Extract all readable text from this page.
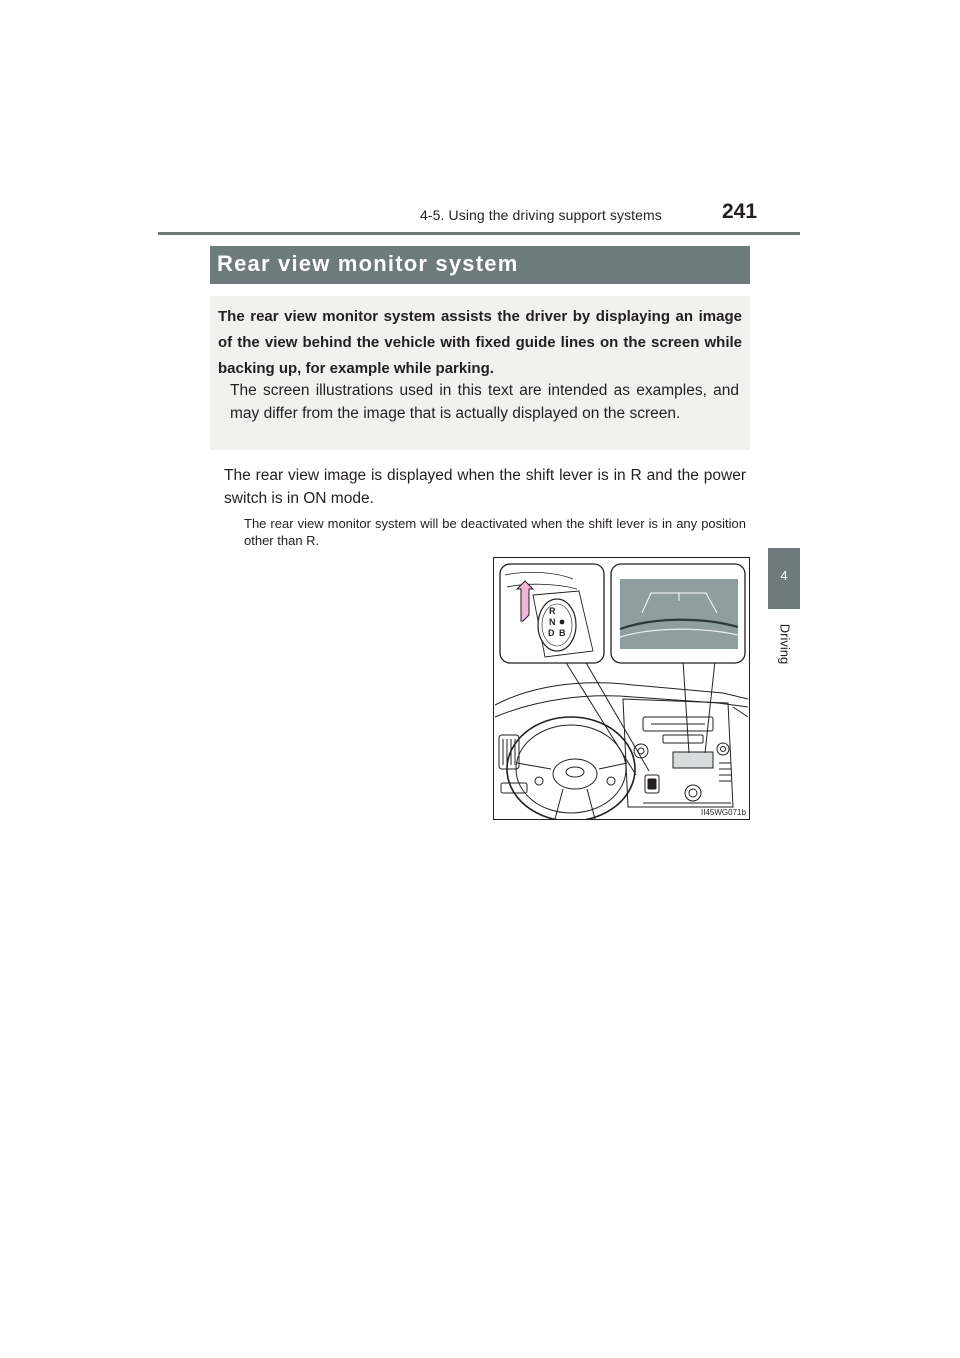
4-5. Using the driving support systems	241
4
Driving
Rear view monitor system

The rear view monitor system assists the driver by displaying an image of the view behind the vehicle with fixed guide lines on the screen while backing up, for example while parking.

The screen illustrations used in this text are intended as examples, and may differ from the image that is actually displayed on the screen.

The rear view image is displayed when the shift lever is in R and the power switch is in ON mode.

The rear view monitor system will be deactivated when the shift lever is in any position other than R.

R
N
D B
II45WG071b
